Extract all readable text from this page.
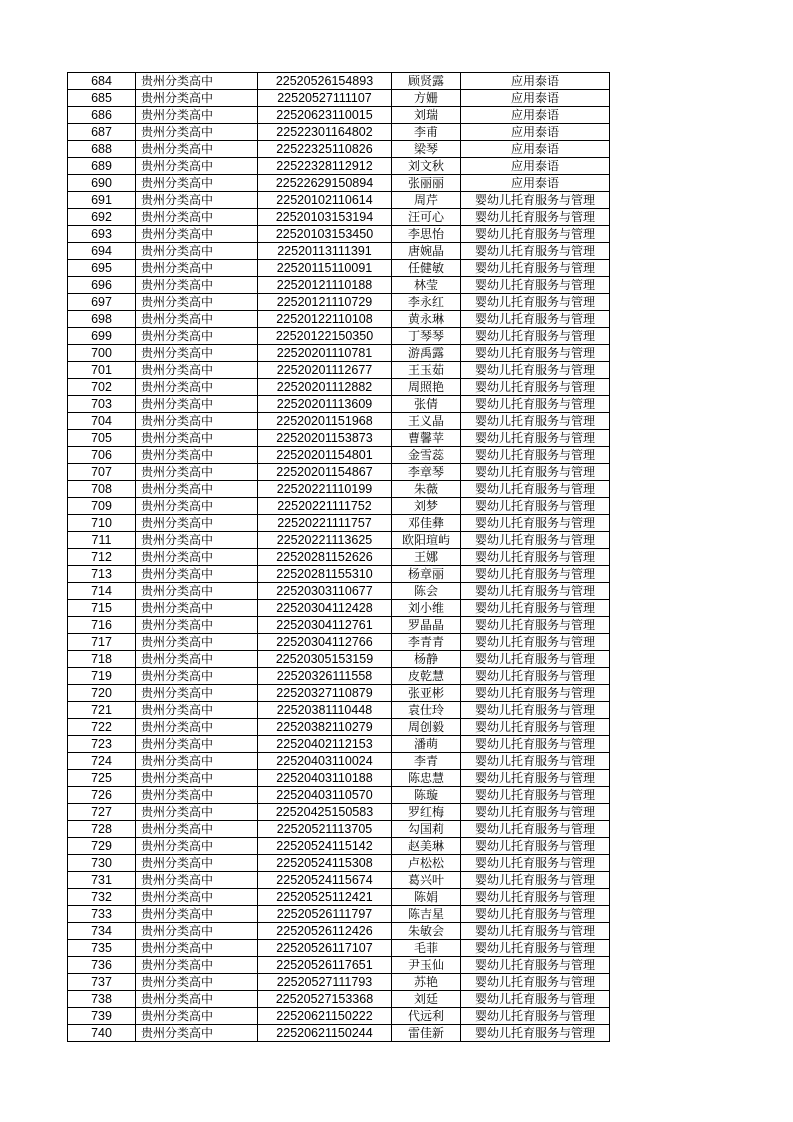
684	贵州分类高中	22520526154893	顾贤露	应用泰语
685	贵州分类高中	22520527111107	方姗	应用泰语
686	贵州分类高中	22520623110015	刘瑞	应用泰语
687	贵州分类高中	22522301164802	李甫	应用泰语
688	贵州分类高中	22522325110826	梁琴	应用泰语
689	贵州分类高中	22522328112912	刘文秋	应用泰语
690	贵州分类高中	22522629150894	张丽丽	应用泰语
691	贵州分类高中	22520102110614	周芹	婴幼儿托育服务与管理
692	贵州分类高中	22520103153194	汪可心	婴幼儿托育服务与管理
693	贵州分类高中	22520103153450	李思怡	婴幼儿托育服务与管理
694	贵州分类高中	22520113111391	唐婉晶	婴幼儿托育服务与管理
695	贵州分类高中	22520115110091	任健敏	婴幼儿托育服务与管理
696	贵州分类高中	22520121110188	林莹	婴幼儿托育服务与管理
697	贵州分类高中	22520121110729	李永红	婴幼儿托育服务与管理
698	贵州分类高中	22520122110108	黄永琳	婴幼儿托育服务与管理
699	贵州分类高中	22520122150350	丁琴琴	婴幼儿托育服务与管理
700	贵州分类高中	22520201110781	游禹露	婴幼儿托育服务与管理
701	贵州分类高中	22520201112677	王玉茹	婴幼儿托育服务与管理
702	贵州分类高中	22520201112882	周照艳	婴幼儿托育服务与管理
703	贵州分类高中	22520201113609	张倩	婴幼儿托育服务与管理
704	贵州分类高中	22520201151968	王义晶	婴幼儿托育服务与管理
705	贵州分类高中	22520201153873	曹馨苹	婴幼儿托育服务与管理
706	贵州分类高中	22520201154801	金雪蕊	婴幼儿托育服务与管理
707	贵州分类高中	22520201154867	李章琴	婴幼儿托育服务与管理
708	贵州分类高中	22520221110199	朱薇	婴幼儿托育服务与管理
709	贵州分类高中	22520221111752	刘梦	婴幼儿托育服务与管理
710	贵州分类高中	22520221111757	邓佳彝	婴幼儿托育服务与管理
711	贵州分类高中	22520221113625	欧阳瑄屿	婴幼儿托育服务与管理
712	贵州分类高中	22520281152626	王娜	婴幼儿托育服务与管理
713	贵州分类高中	22520281155310	杨章丽	婴幼儿托育服务与管理
714	贵州分类高中	22520303110677	陈会	婴幼儿托育服务与管理
715	贵州分类高中	22520304112428	刘小维	婴幼儿托育服务与管理
716	贵州分类高中	22520304112761	罗晶晶	婴幼儿托育服务与管理
717	贵州分类高中	22520304112766	李青青	婴幼儿托育服务与管理
718	贵州分类高中	22520305153159	杨静	婴幼儿托育服务与管理
719	贵州分类高中	22520326111558	皮乾慧	婴幼儿托育服务与管理
720	贵州分类高中	22520327110879	张亚彬	婴幼儿托育服务与管理
721	贵州分类高中	22520381110448	袁仕玲	婴幼儿托育服务与管理
722	贵州分类高中	22520382110279	周创毅	婴幼儿托育服务与管理
723	贵州分类高中	22520402112153	潘萌	婴幼儿托育服务与管理
724	贵州分类高中	22520403110024	李青	婴幼儿托育服务与管理
725	贵州分类高中	22520403110188	陈忠慧	婴幼儿托育服务与管理
726	贵州分类高中	22520403110570	陈璇	婴幼儿托育服务与管理
727	贵州分类高中	22520425150583	罗红梅	婴幼儿托育服务与管理
728	贵州分类高中	22520521113705	勾国莉	婴幼儿托育服务与管理
729	贵州分类高中	22520524115142	赵美琳	婴幼儿托育服务与管理
730	贵州分类高中	22520524115308	卢松松	婴幼儿托育服务与管理
731	贵州分类高中	22520524115674	葛兴叶	婴幼儿托育服务与管理
732	贵州分类高中	22520525112421	陈娟	婴幼儿托育服务与管理
733	贵州分类高中	22520526111797	陈吉星	婴幼儿托育服务与管理
734	贵州分类高中	22520526112426	朱敏会	婴幼儿托育服务与管理
735	贵州分类高中	22520526117107	毛菲	婴幼儿托育服务与管理
736	贵州分类高中	22520526117651	尹玉仙	婴幼儿托育服务与管理
737	贵州分类高中	22520527111793	苏艳	婴幼儿托育服务与管理
738	贵州分类高中	22520527153368	刘廷	婴幼儿托育服务与管理
739	贵州分类高中	22520621150222	代远利	婴幼儿托育服务与管理
740	贵州分类高中	22520621150244	雷佳新	婴幼儿托育服务与管理
